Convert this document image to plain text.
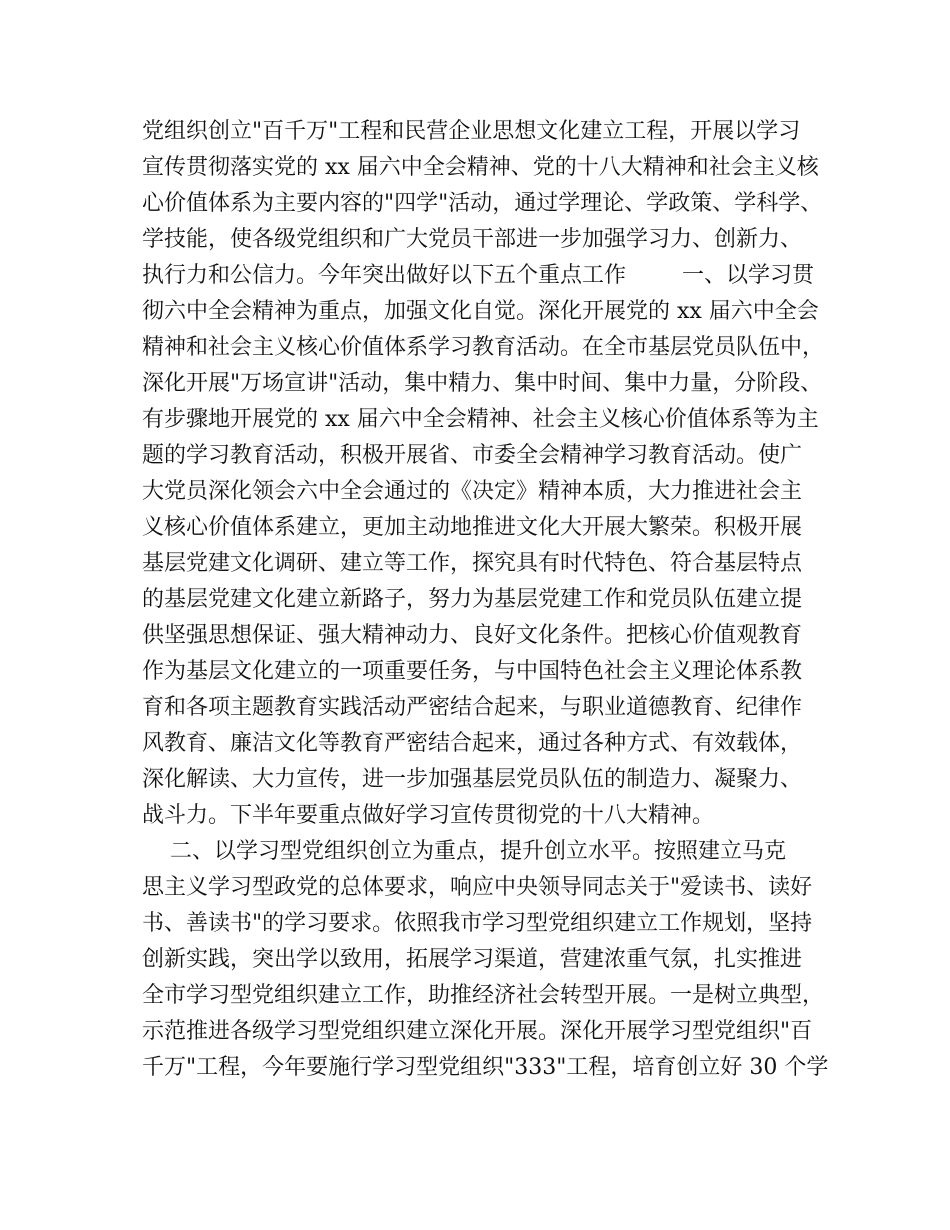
党组织创立"百千万"工程和民营企业思想文化建立工程，开展以学习
宣传贯彻落实党的 xx 届六中全会精神、党的十八大精神和社会主义核
心价值体系为主要内容的"四学"活动，通过学理论、学政策、学科学、
学技能，使各级党组织和广大党员干部进一步加强学习力、创新力、
执行力和公信力。今年突出做好以下五个重点工作        一、以学习贯
彻六中全会精神为重点，加强文化自觉。深化开展党的 xx 届六中全会
精神和社会主义核心价值体系学习教育活动。在全市基层党员队伍中，
深化开展"万场宣讲"活动，集中精力、集中时间、集中力量，分阶段、
有步骤地开展党的 xx 届六中全会精神、社会主义核心价值体系等为主
题的学习教育活动，积极开展省、市委全会精神学习教育活动。使广
大党员深化领会六中全会通过的《决定》精神本质，大力推进社会主
义核心价值体系建立，更加主动地推进文化大开展大繁荣。积极开展
基层党建文化调研、建立等工作，探究具有时代特色、符合基层特点
的基层党建文化建立新路子，努力为基层党建工作和党员队伍建立提
供坚强思想保证、强大精神动力、良好文化条件。把核心价值观教育
作为基层文化建立的一项重要任务，与中国特色社会主义理论体系教
育和各项主题教育实践活动严密结合起来，与职业道德教育、纪律作
风教育、廉洁文化等教育严密结合起来，通过各种方式、有效载体，
深化解读、大力宣传，进一步加强基层党员队伍的制造力、凝聚力、
战斗力。下半年要重点做好学习宣传贯彻党的十八大精神。
二、以学习型党组织创立为重点，提升创立水平。按照建立马克
思主义学习型政党的总体要求，响应中央领导同志关于"爱读书、读好
书、善读书"的学习要求。依照我市学习型党组织建立工作规划，坚持
创新实践，突出学以致用，拓展学习渠道，营建浓重气氛，扎实推进
全市学习型党组织建立工作，助推经济社会转型开展。一是树立典型，
示范推进各级学习型党组织建立深化开展。深化开展学习型党组织"百
千万"工程，今年要施行学习型党组织"333"工程，培育创立好 30 个学
